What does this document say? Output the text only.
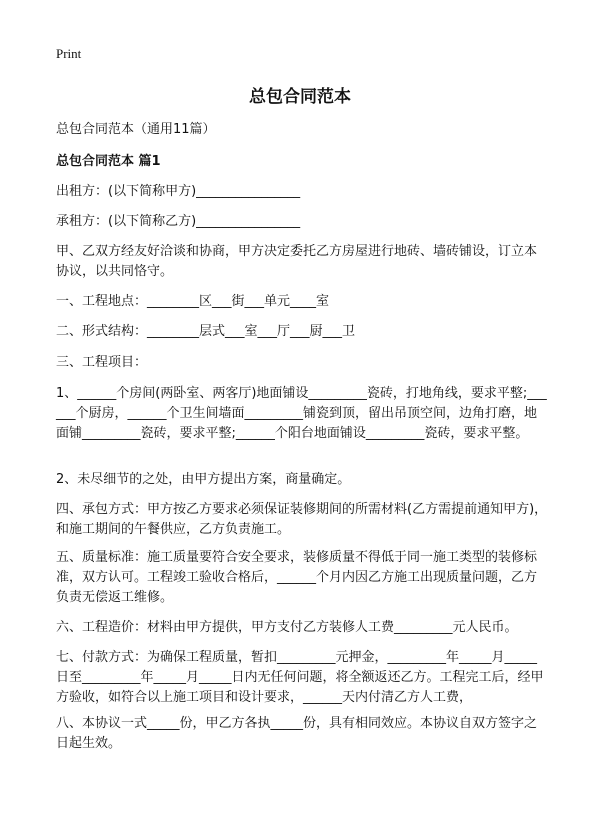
Print
总包合同范本

总包合同范本（通用11篇）

总包合同范本 篇1

出租方：(以下简称甲方)________________

承租方：(以下简称乙方)________________

甲、乙双方经友好洽谈和协商，甲方决定委托乙方房屋进行地砖、墙砖铺设，订立本协议，以共同恪守。

一、工程地点：________区___街___单元____室

二、形式结构：________层式___室___厅___厨___卫

三、工程项目：

1、______个房间(两卧室、两客厅)地面铺设_________瓷砖，打地角线，要求平整;______个厨房，______个卫生间墙面_________铺瓷到顶，留出吊顶空间，边角打磨，地面铺_________瓷砖，要求平整;______个阳台地面铺设_________瓷砖，要求平整。

2、未尽细节的之处，由甲方提出方案，商量确定。

四、承包方式：甲方按乙方要求必须保证装修期间的所需材料(乙方需提前通知甲方)，和施工期间的午餐供应，乙方负责施工。

五、质量标准：施工质量要符合安全要求，装修质量不得低于同一施工类型的装修标准，双方认可。工程竣工验收合格后，______个月内因乙方施工出现质量问题，乙方负责无偿返工维修。

六、工程造价：材料由甲方提供，甲方支付乙方装修人工费_________元人民币。

七、付款方式：为确保工程质量，暂扣_________元押金，_________年_____月_____日至_________年_____月_____日内无任何问题，将全额返还乙方。工程完工后，经甲方验收，如符合以上施工项目和设计要求，______天内付清乙方人工费，

八、本协议一式_____份，甲乙方各执_____份，具有相同效应。本协议自双方签字之日起生效。
